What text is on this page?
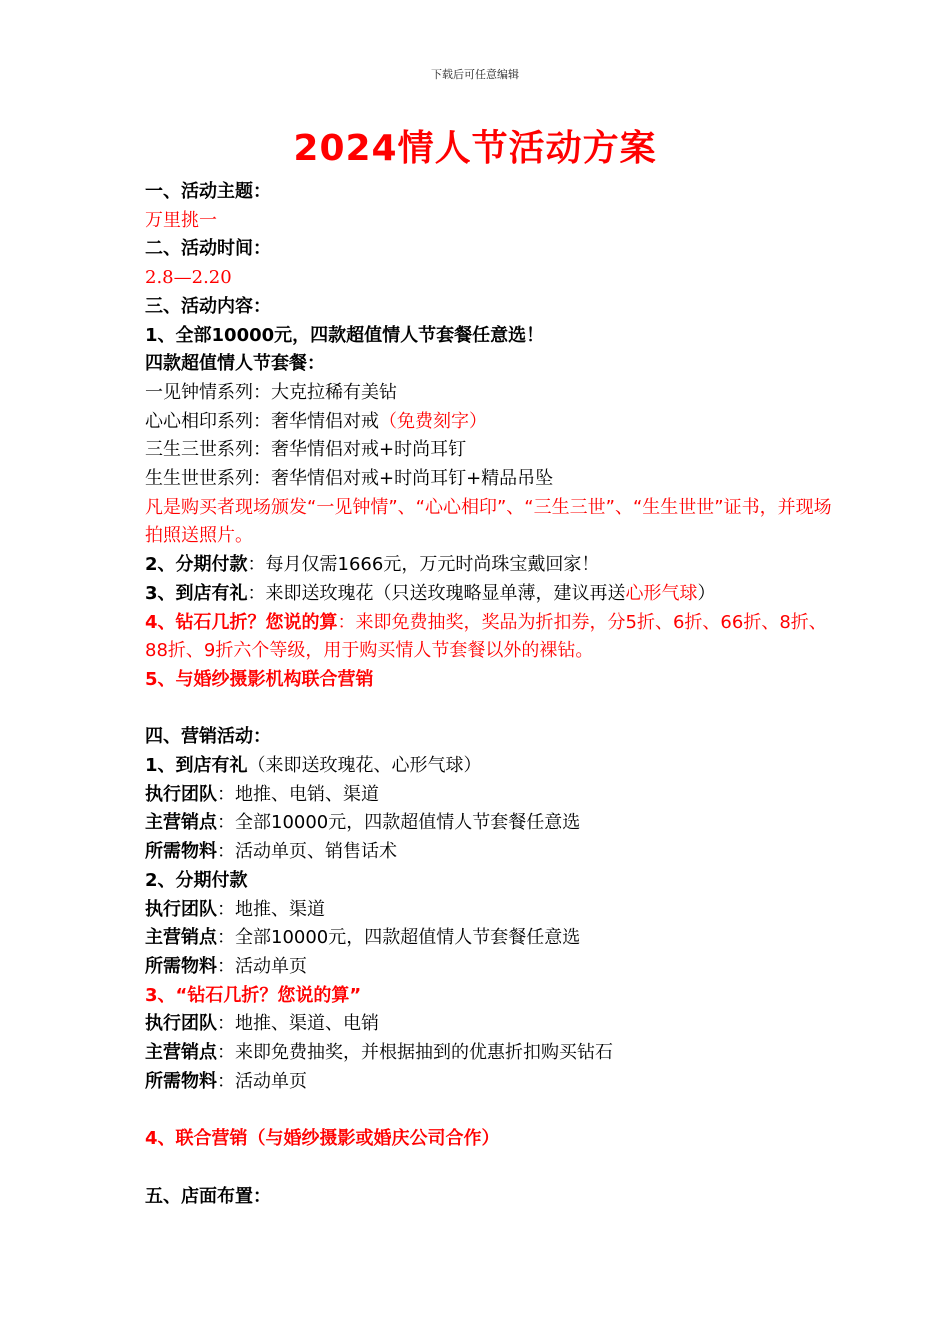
下载后可任意编辑
2024情人节活动方案
一、活动主题：
万里挑一
二、活动时间：
2.8—2.20
三、活动内容：
1、全部10000元，四款超值情人节套餐任意选！
四款超值情人节套餐：
一见钟情系列：大克拉稀有美钻
心心相印系列：奢华情侣对戒（免费刻字）
三生三世系列：奢华情侣对戒+时尚耳钉
生生世世系列：奢华情侣对戒+时尚耳钉+精品吊坠
凡是购买者现场颁发“一见钟情”、“心心相印”、“三生三世”、“生生世世”证书，并现场拍照送照片。
2、分期付款：每月仅需1666元，万元时尚珠宝戴回家！
3、到店有礼：来即送玫瑰花（只送玫瑰略显单薄，建议再送心形气球）
4、钻石几折？您说的算：来即免费抽奖，奖品为折扣券，分5折、6折、66折、8折、88折、9折六个等级，用于购买情人节套餐以外的裸钻。
5、与婚纱摄影机构联合营销
四、营销活动：
1、到店有礼（来即送玫瑰花、心形气球）
执行团队：地推、电销、渠道
主营销点：全部10000元，四款超值情人节套餐任意选
所需物料：活动单页、销售话术
2、分期付款
执行团队：地推、渠道
主营销点：全部10000元，四款超值情人节套餐任意选
所需物料：活动单页
3、“钻石几折？您说的算”
执行团队：地推、渠道、电销
主营销点：来即免费抽奖，并根据抽到的优惠折扣购买钻石
所需物料：活动单页
4、联合营销（与婚纱摄影或婚庆公司合作）
五、店面布置：
